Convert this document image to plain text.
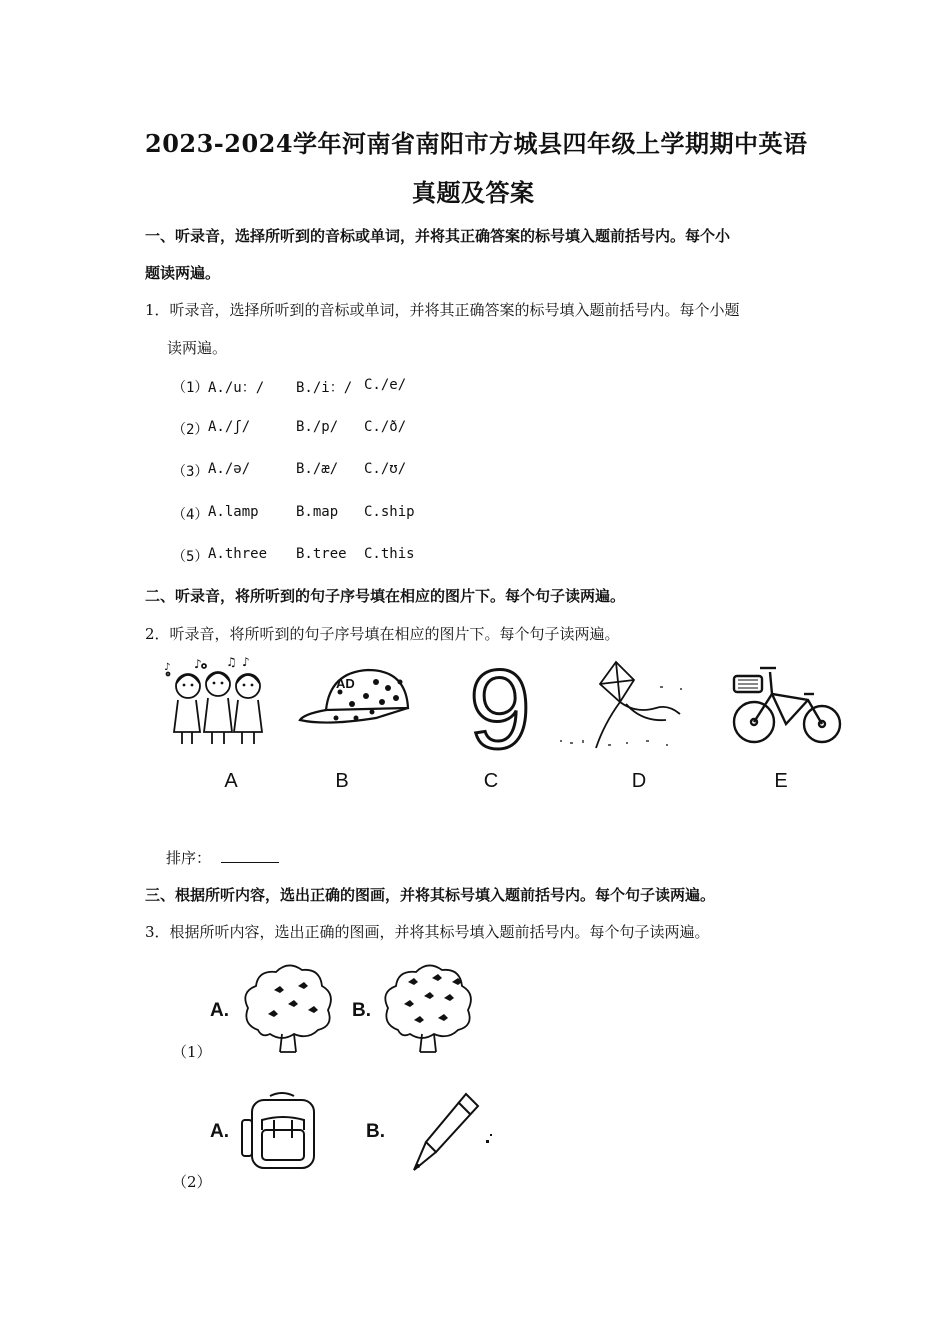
2023-2024学年河南省南阳市方城县四年级上学期期中英语
真题及答案
一、听录音，选择所听到的音标或单词，并将其正确答案的标号填入题前括号内。每个小
题读两遍。
1．听录音，选择所听到的音标或单词，并将其正确答案的标号填入题前括号内。每个小题
读两遍。
（1） A./u：/ B./i：/ C./e/
（2） A./ʃ/	B./p/ C./ð/
（3） A./ə/	B./æ/ C./ʊ/
（4） A.lamp	B.map C.ship
（5） A.three B.tree C.this
二、听录音，将所听到的句子序号填在相应的图片下。每个句子读两遍。
2．听录音，将所听到的句子序号填在相应的图片下。每个句子读两遍。
♪ ♫ ♪
♪
AD 9
A	B	C	D	E
排序：
三、根据所听内容，选出正确的图画，并将其标号填入题前括号内。每个句子读两遍。
3．根据所听内容，选出正确的图画，并将其标号填入题前括号内。每个句子读两遍。
A.	B.
（1）
A.	B.
（2）
